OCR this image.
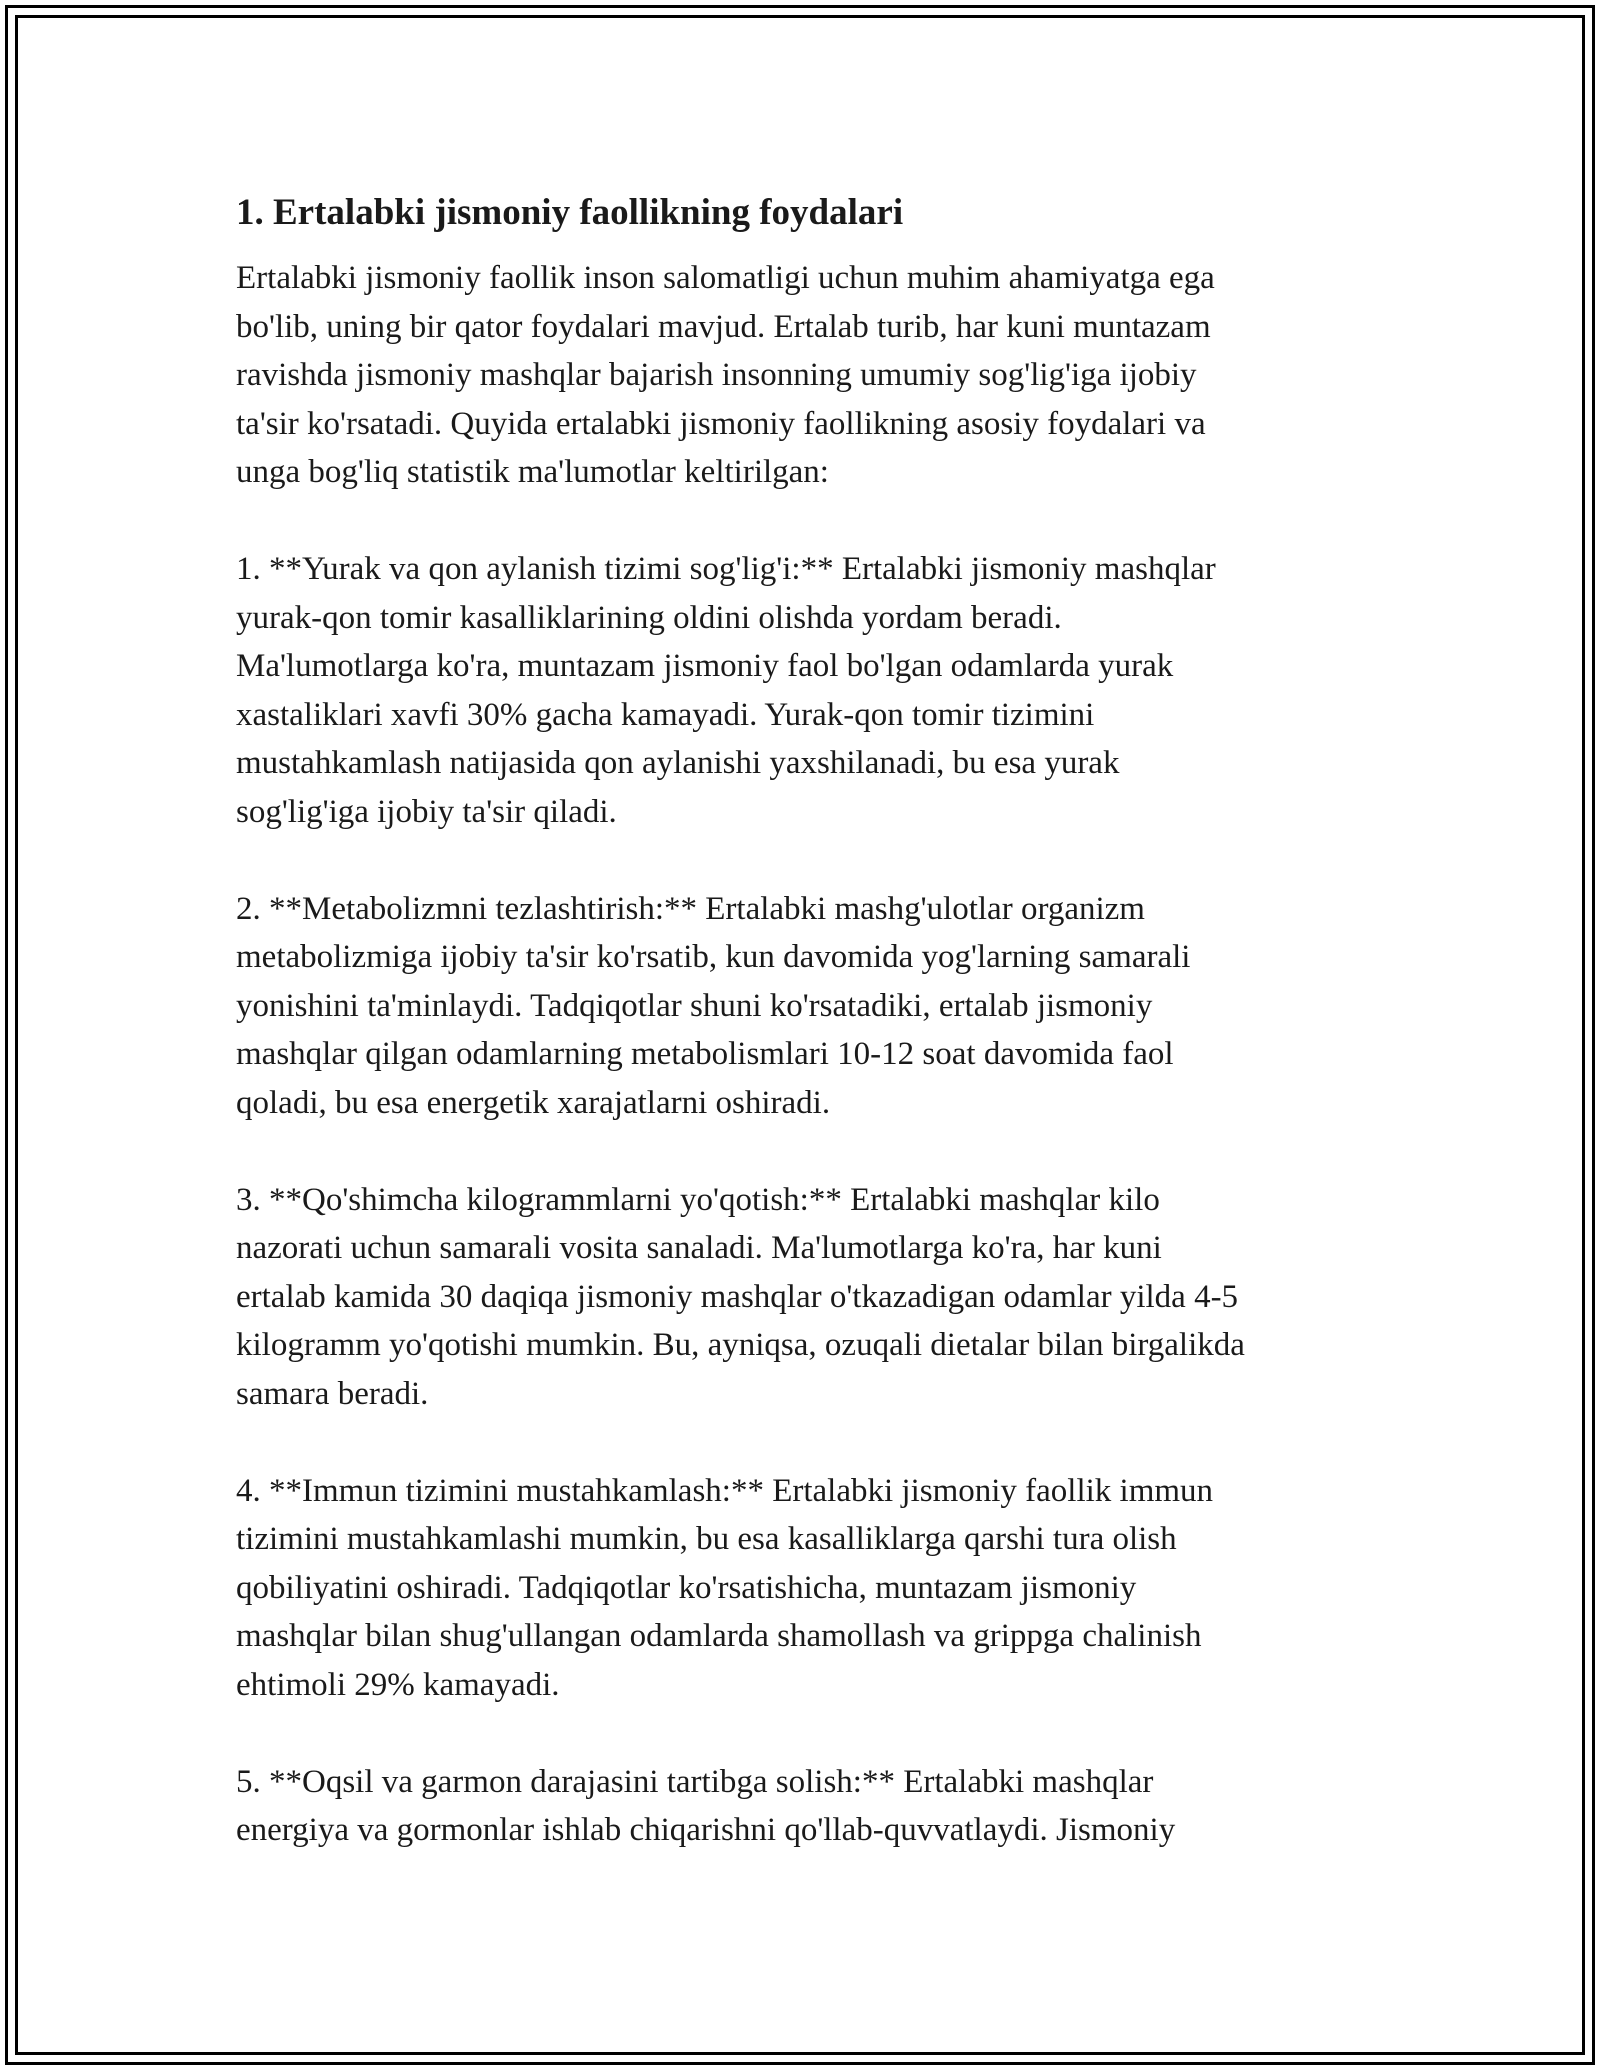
1. Ertalabki jismoniy faollikning foydalari

Ertalabki jismoniy faollik inson salomatligi uchun muhim ahamiyatga ega
bo'lib, uning bir qator foydalari mavjud. Ertalab turib, har kuni muntazam
ravishda jismoniy mashqlar bajarish insonning umumiy sog'lig'iga ijobiy
ta'sir ko'rsatadi. Quyida ertalabki jismoniy faollikning asosiy foydalari va
unga bog'liq statistik ma'lumotlar keltirilgan:

1. **Yurak va qon aylanish tizimi sog'lig'i:** Ertalabki jismoniy mashqlar
yurak-qon tomir kasalliklarining oldini olishda yordam beradi.
Ma'lumotlarga ko'ra, muntazam jismoniy faol bo'lgan odamlarda yurak
xastaliklari xavfi 30% gacha kamayadi. Yurak-qon tomir tizimini
mustahkamlash natijasida qon aylanishi yaxshilanadi, bu esa yurak
sog'lig'iga ijobiy ta'sir qiladi.

2. **Metabolizmni tezlashtirish:** Ertalabki mashg'ulotlar organizm
metabolizmiga ijobiy ta'sir ko'rsatib, kun davomida yog'larning samarali
yonishini ta'minlaydi. Tadqiqotlar shuni ko'rsatadiki, ertalab jismoniy
mashqlar qilgan odamlarning metabolismlari 10-12 soat davomida faol
qoladi, bu esa energetik xarajatlarni oshiradi.

3. **Qo'shimcha kilogrammlarni yo'qotish:** Ertalabki mashqlar kilo
nazorati uchun samarali vosita sanaladi. Ma'lumotlarga ko'ra, har kuni
ertalab kamida 30 daqiqa jismoniy mashqlar o'tkazadigan odamlar yilda 4-5
kilogramm yo'qotishi mumkin. Bu, ayniqsa, ozuqali dietalar bilan birgalikda
samara beradi.

4. **Immun tizimini mustahkamlash:** Ertalabki jismoniy faollik immun
tizimini mustahkamlashi mumkin, bu esa kasalliklarga qarshi tura olish
qobiliyatini oshiradi. Tadqiqotlar ko'rsatishicha, muntazam jismoniy
mashqlar bilan shug'ullangan odamlarda shamollash va grippga chalinish
ehtimoli 29% kamayadi.

5. **Oqsil va garmon darajasini tartibga solish:** Ertalabki mashqlar
energiya va gormonlar ishlab chiqarishni qo'llab-quvvatlaydi. Jismoniy
